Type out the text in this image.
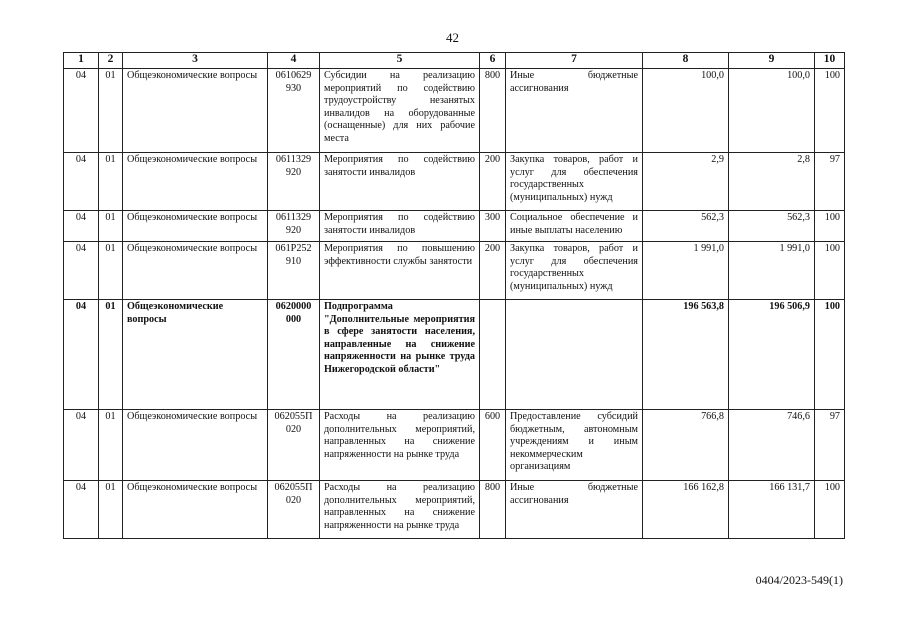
42
1	2	3	4	5	6	7	8	9	10
04	01	Общеэкономические вопросы	0610629 930	Субсидии на реализацию мероприятий по содействию трудоустройству незанятых инвалидов на оборудованные (оснащенные) для них рабочие места	800	Иные бюджетные ассигнования	100,0	100,0	100
04	01	Общеэкономические вопросы	0611329 920	Мероприятия по содействию занятости инвалидов	200	Закупка товаров, работ и услуг для обеспечения государственных (муниципальных) нужд	2,9	2,8	97
04	01	Общеэкономические вопросы	0611329 920	Мероприятия по содействию занятости инвалидов	300	Социальное обеспечение и иные выплаты населению	562,3	562,3	100
04	01	Общеэкономические вопросы	061P252 910	Мероприятия по повышению эффективности службы занятости	200	Закупка товаров, работ и услуг для обеспечения государственных (муниципальных) нужд	1 991,0	1 991,0	100
04	01	Общеэкономические вопросы	0620000 000	Подпрограмма "Дополнительные мероприятия в сфере занятости населения, направленные на снижение напряженности на рынке труда Нижегородской области"			196 563,8	196 506,9	100
04	01	Общеэкономические вопросы	062055П 020	Расходы на реализацию дополнительных мероприятий, направленных на снижение напряженности на рынке труда	600	Предоставление субсидий бюджетным, автономным учреждениям и иным некоммерческим организациям	766,8	746,6	97
04	01	Общеэкономические вопросы	062055П 020	Расходы на реализацию дополнительных мероприятий, направленных на снижение напряженности на рынке труда	800	Иные бюджетные ассигнования	166 162,8	166 131,7	100
0404/2023-549(1)
